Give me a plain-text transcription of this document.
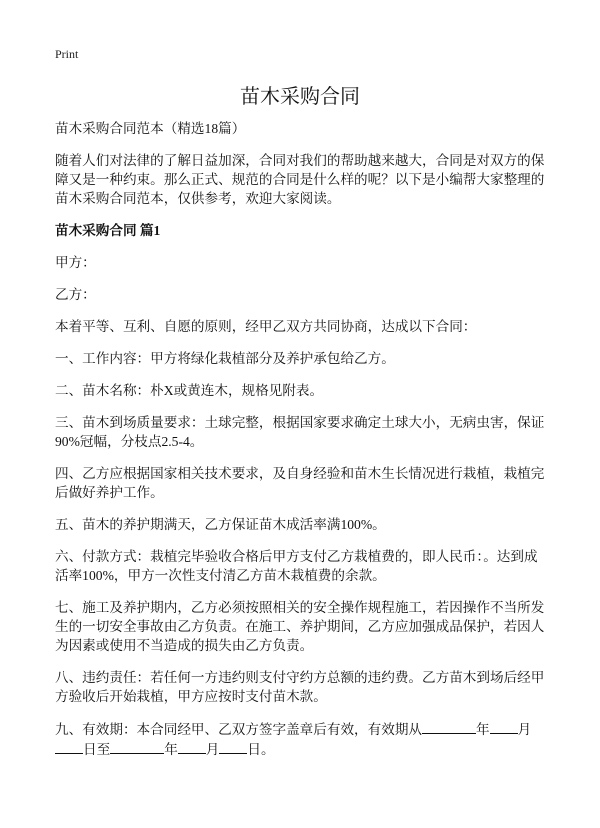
Print
苗木采购合同

苗木采购合同范本（精选18篇）

随着人们对法律的了解日益加深，合同对我们的帮助越来越大，合同是对双方的保障又是一种约束。那么正式、规范的合同是什么样的呢？以下是小编帮大家整理的苗木采购合同范本，仅供参考，欢迎大家阅读。

苗木采购合同 篇1

甲方：

乙方：

本着平等、互利、自愿的原则，经甲乙双方共同协商，达成以下合同：

一、工作内容：甲方将绿化栽植部分及养护承包给乙方。

二、苗木名称：朴X或黄连木，规格见附表。

三、苗木到场质量要求：土球完整，根据国家要求确定土球大小，无病虫害，保证90%冠幅，分枝点2.5-4。

四、乙方应根据国家相关技术要求，及自身经验和苗木生长情况进行栽植，栽植完后做好养护工作。

五、苗木的养护期满天，乙方保证苗木成活率满100%。

六、付款方式：栽植完毕验收合格后甲方支付乙方栽植费的，即人民币：。达到成活率100%，甲方一次性支付清乙方苗木栽植费的余款。

七、施工及养护期内，乙方必须按照相关的安全操作规程施工，若因操作不当所发生的一切安全事故由乙方负责。在施工、养护期间，乙方应加强成品保护，若因人为因素或使用不当造成的损失由乙方负责。

八、违约责任：若任何一方违约则支付守约方总额的违约费。乙方苗木到场后经甲方验收后开始栽植，甲方应按时支付苗木款。

九、有效期：本合同经甲、乙双方签字盖章后有效，有效期从	年 月
日至	年 月 日。
